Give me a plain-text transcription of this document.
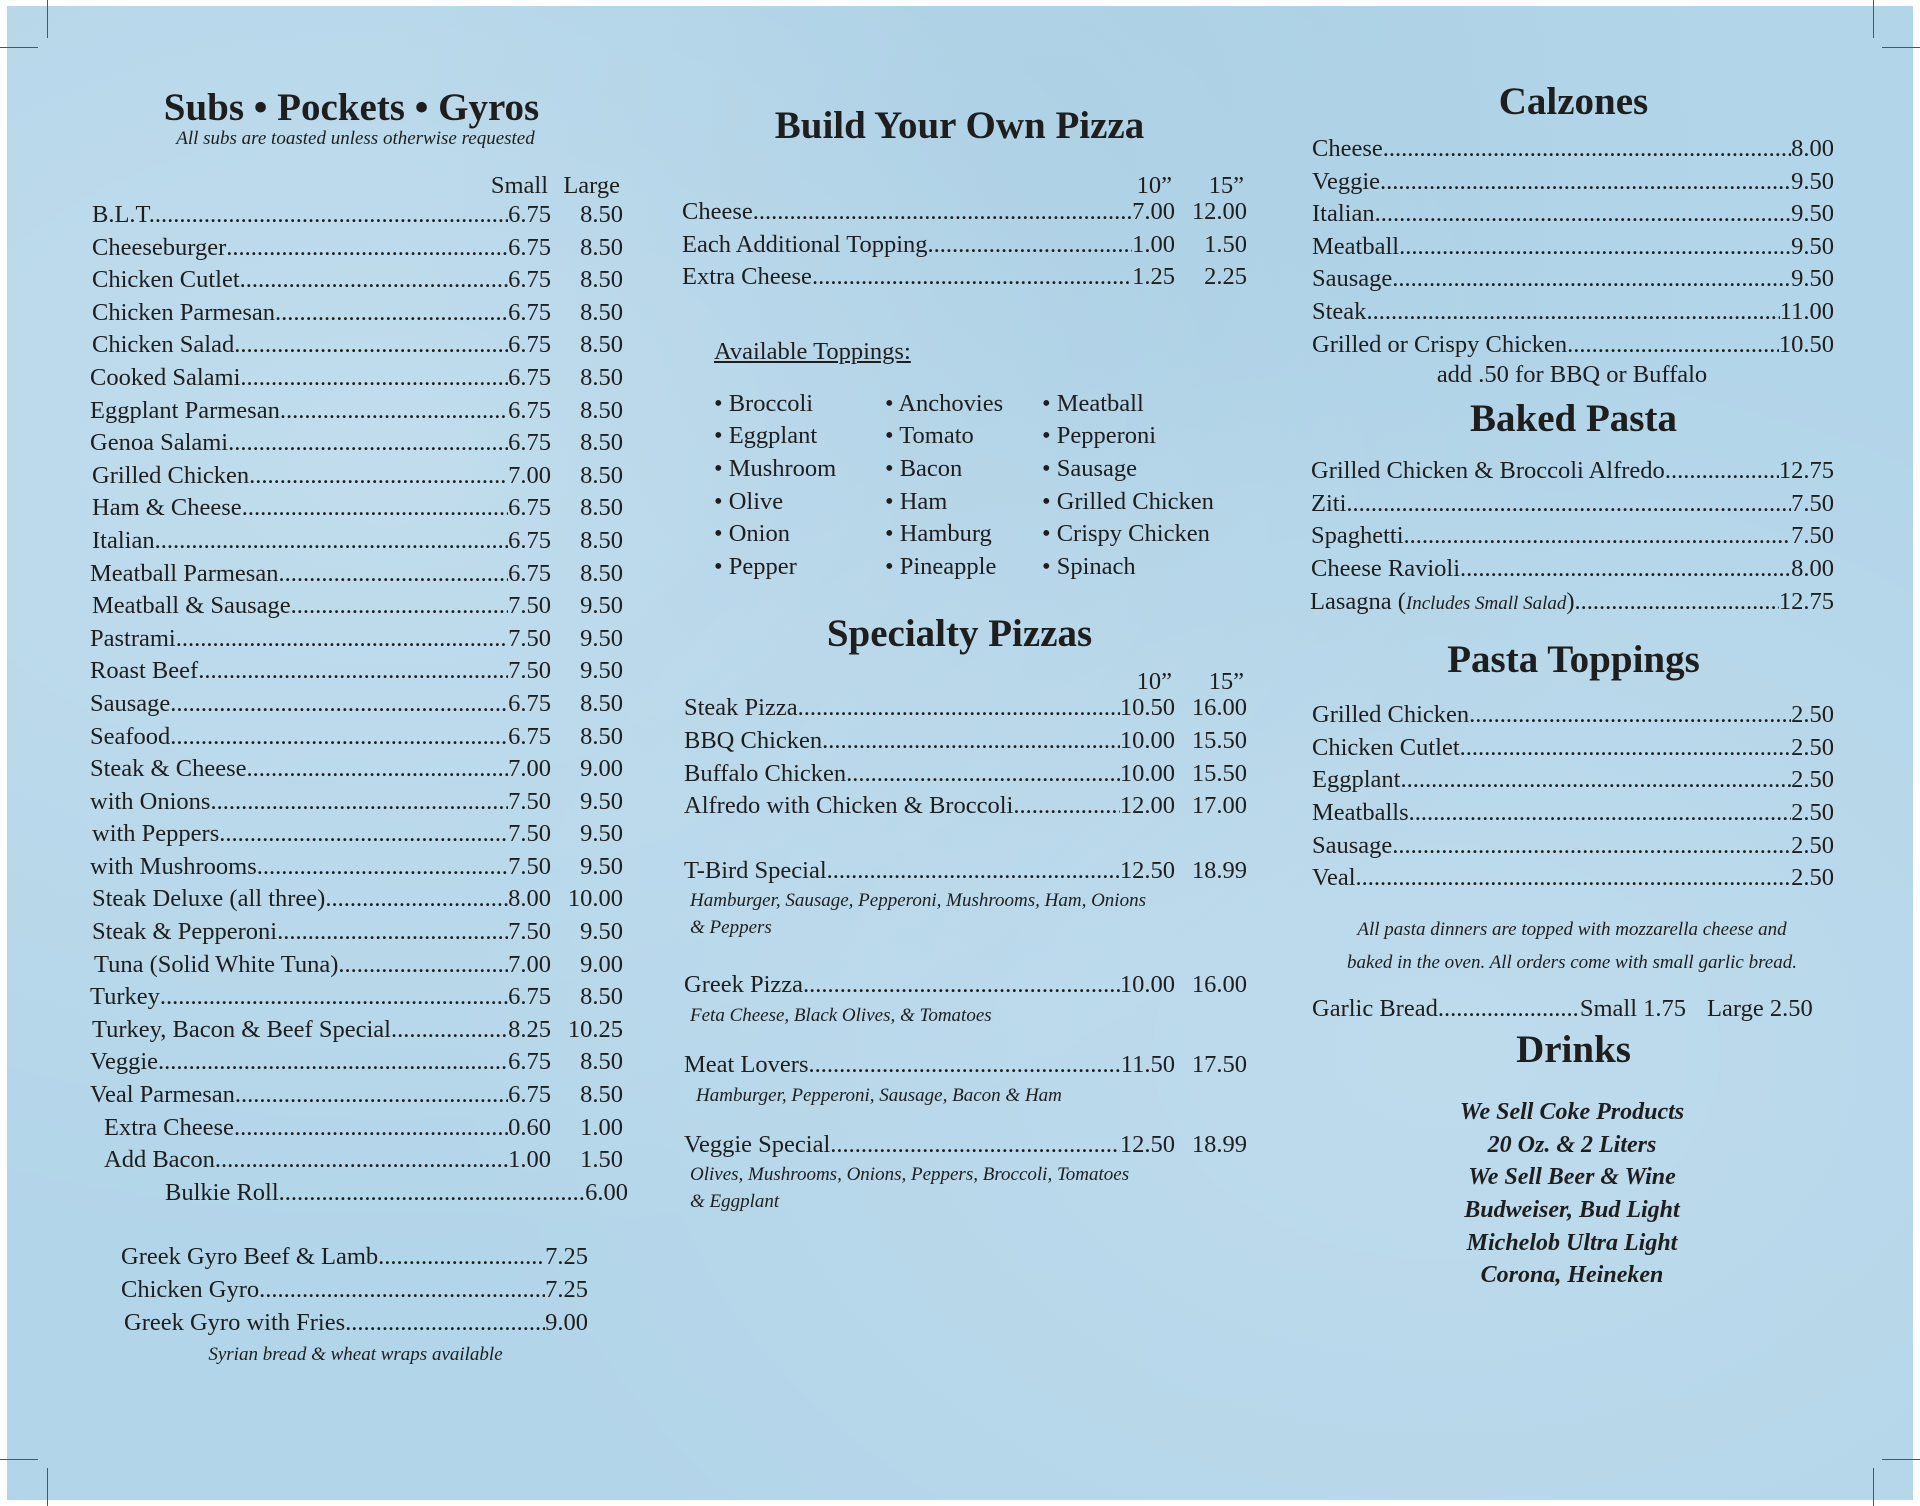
Subs • Pockets • Gyros
All subs are toasted unless otherwise requested
Small Large
B.L.T. .....	6.75	8.50
Cheeseburger .....	6.75	8.50
Chicken Cutlet .....	6.75	8.50
Chicken Parmesan .....	6.75	8.50
Chicken Salad .....	6.75	8.50
Cooked Salami .....	6.75	8.50
Eggplant Parmesan .....	6.75	8.50
Genoa Salami .....	6.75	8.50
Grilled Chicken .....	7.00	8.50
Ham & Cheese .....	6.75	8.50
Italian .....	6.75	8.50
Meatball Parmesan .....	6.75	8.50
Meatball & Sausage .....	7.50	9.50
Pastrami .....	7.50	9.50
Roast Beef .....	7.50	9.50
Sausage .....	6.75	8.50
Seafood .....	6.75	8.50
Steak & Cheese .....	7.00	9.00
with Onions .....	7.50	9.50
with Peppers .....	7.50	9.50
with Mushrooms .....	7.50	9.50
Steak Deluxe (all three) .....	8.00 10.00
Steak & Pepperoni .....	7.50	9.50
Tuna (Solid White Tuna) .....	7.00	9.00
Turkey .....	6.75	8.50
Turkey, Bacon & Beef Special .....	8.25 10.25
Veggie .....	6.75	8.50
Veal Parmesan .....	6.75	8.50
Extra Cheese .....	0.60	1.00
Add Bacon .....	1.00	1.50
Bulkie Roll .....	6.00
Greek Gyro Beef & Lamb .....	7.25
Chicken Gyro .....	7.25
Greek Gyro with Fries .....	9.00
Syrian bread & wheat wraps available
Build Your Own Pizza
10”	15”
Cheese .....	7.00 12.00
Each Additional Topping .....	1.00	1.50
Extra Cheese .....	1.25	2.25
Available Toppings:
• Broccoli
• Eggplant
• Mushroom
• Olive
• Onion
• Pepper
• Anchovies
• Tomato
• Bacon
• Ham
• Hamburg
• Pineapple
• Meatball
• Pepperoni
• Sausage
• Grilled Chicken
• Crispy Chicken
• Spinach
Specialty Pizzas
10”	15”
Steak Pizza .....	10.50 16.00
BBQ Chicken .....	10.00 15.50
Buffalo Chicken .....	10.00 15.50
Alfredo with Chicken & Broccoli .....	12.00 17.00
T-Bird Special .....	12.50 18.99
Hamburger, Sausage, Pepperoni, Mushrooms, Ham, Onions
& Peppers
Greek Pizza .....	10.00 16.00
Feta Cheese, Black Olives, & Tomatoes
Meat Lovers .....	11.50 17.50
Hamburger, Pepperoni, Sausage, Bacon & Ham
Veggie Special .....	12.50 18.99
Olives, Mushrooms, Onions, Peppers, Broccoli, Tomatoes
& Eggplant
Calzones
Cheese .....	8.00
Veggie .....	9.50
Italian .....	9.50
Meatball .....	9.50
Sausage .....	9.50
Steak .....	11.00
Grilled or Crispy Chicken .....	10.50
add .50 for BBQ or Buffalo
Baked Pasta
Grilled Chicken & Broccoli Alfredo .....	12.75
Ziti .....	7.50
Spaghetti .....	7.50
Cheese Ravioli .....	8.00
Lasagna (Includes Small Salad) .....	12.75
Pasta Toppings
Grilled Chicken .....	2.50
Chicken Cutlet .....	2.50
Eggplant .....	2.50
Meatballs .....	2.50
Sausage .....	2.50
Veal .....	2.50
All pasta dinners are topped with mozzarella cheese and
baked in the oven. All orders come with small garlic bread.
Garlic Bread .....	Small 1.75 Large 2.50
Drinks
We Sell Coke Products
20 Oz. & 2 Liters
We Sell Beer & Wine
Budweiser, Bud Light
Michelob Ultra Light
Corona, Heineken
